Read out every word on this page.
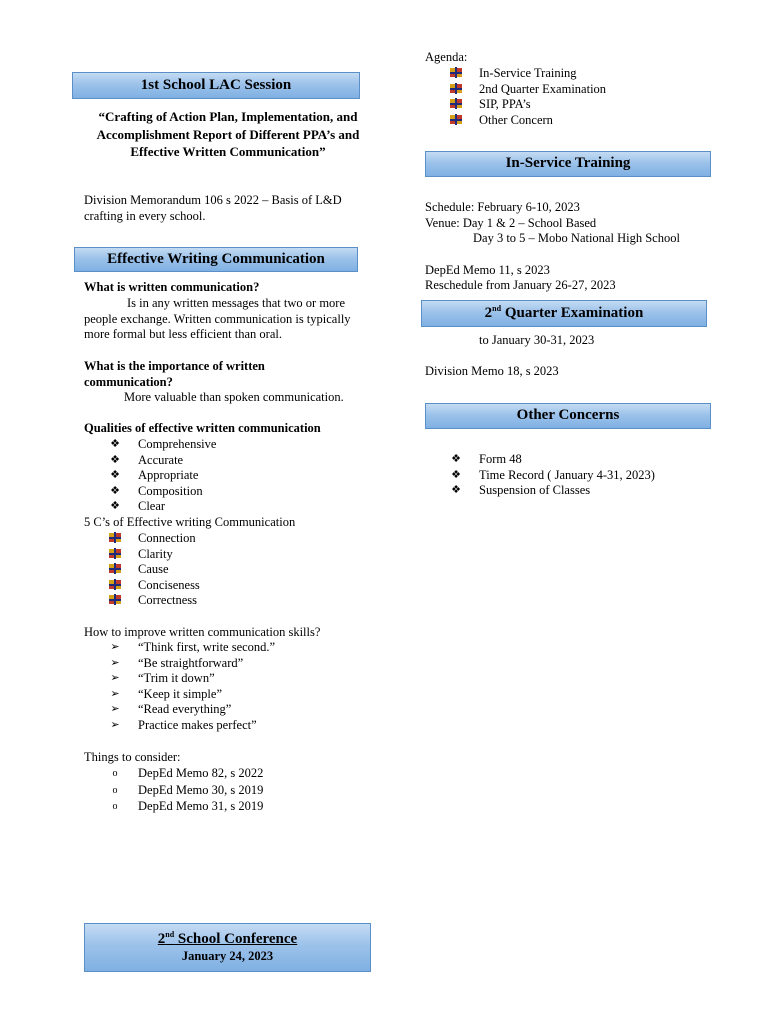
1st School LAC Session
“Crafting of Action Plan, Implementation, and Accomplishment Report of Different PPA’s and Effective Written Communication”
Division Memorandum 106 s 2022 – Basis of L&D crafting in every school.
Effective Writing Communication
What is written communication?
Is in any written messages that two or more people exchange. Written communication is typically more formal but less efficient than oral.
What is the importance of written communication?
More valuable than spoken communication.
Qualities of effective written communication
❖ Comprehensive
❖ Accurate
❖ Appropriate
❖ Composition
❖ Clear
5 C’s of Effective writing Communication
Connection
Clarity
Cause
Conciseness
Correctness
How to improve written communication skills?
➢ “Think first, write second.”
➢ “Be straightforward”
➢ “Trim it down”
➢ “Keep it simple”
➢ “Read everything”
➢ Practice makes perfect”
Things to consider:
o	DepEd Memo 82, s 2022
o	DepEd Memo 30, s 2019
o	DepEd Memo 31, s 2019
2nd School Conference
January 24, 2023
Agenda:
In-Service Training
2nd Quarter Examination
SIP, PPA’s
Other Concern
In-Service Training
Schedule: February 6-10, 2023
Venue: Day 1 & 2 – School Based
Day 3 to 5 – Mobo National High School
DepEd Memo 11, s 2023
Reschedule from January 26-27, 2023
2nd Quarter Examination
to January 30-31, 2023
Division Memo 18, s 2023
Other Concerns
❖ Form 48
❖ Time Record ( January 4-31, 2023)
❖ Suspension of Classes
